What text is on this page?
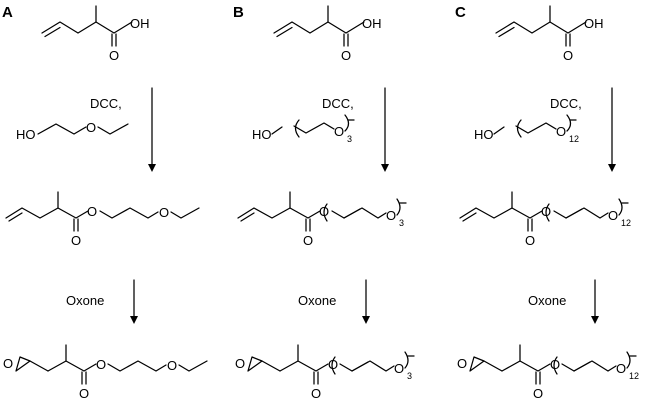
A
OH
O
DCC,
HO	O
O
O
O
Oxone
O	O
O
O
B
OH
O
DCC,
HO	O 3
O
O
O 3
Oxone
O	O
O
O 3
C
OH
O
DCC,
HO	O 12
O
O
O 12
Oxone
O	O
O
O 12
